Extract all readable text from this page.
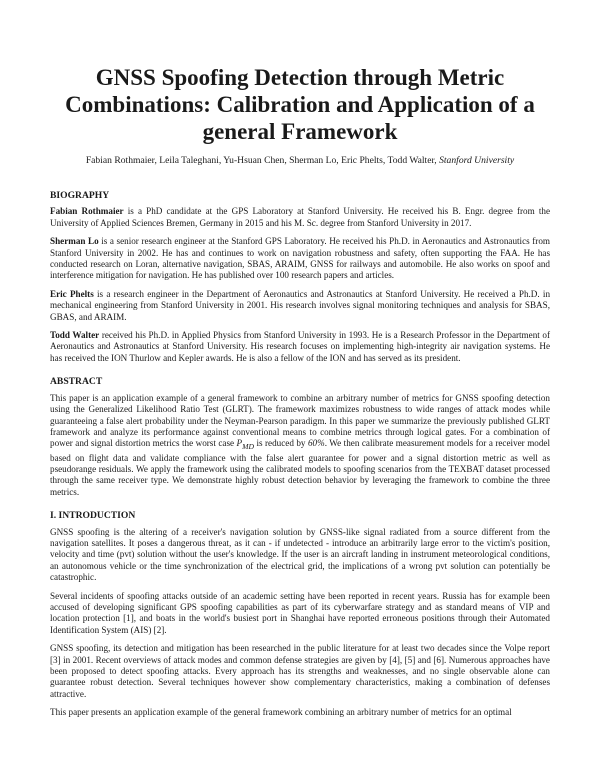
GNSS Spoofing Detection through Metric Combinations: Calibration and Application of a general Framework

Fabian Rothmaier, Leila Taleghani, Yu-Hsuan Chen, Sherman Lo, Eric Phelts, Todd Walter, Stanford University

BIOGRAPHY

Fabian Rothmaier is a PhD candidate at the GPS Laboratory at Stanford University. He received his B. Engr. degree from the University of Applied Sciences Bremen, Germany in 2015 and his M. Sc. degree from Stanford University in 2017.

Sherman Lo is a senior research engineer at the Stanford GPS Laboratory. He received his Ph.D. in Aeronautics and Astronautics from Stanford University in 2002. He has and continues to work on navigation robustness and safety, often supporting the FAA. He has conducted research on Loran, alternative navigation, SBAS, ARAIM, GNSS for railways and automobile. He also works on spoof and interference mitigation for navigation. He has published over 100 research papers and articles.

Eric Phelts is a research engineer in the Department of Aeronautics and Astronautics at Stanford University. He received a Ph.D. in mechanical engineering from Stanford University in 2001. His research involves signal monitoring techniques and analysis for SBAS, GBAS, and ARAIM.

Todd Walter received his Ph.D. in Applied Physics from Stanford University in 1993. He is a Research Professor in the Department of Aeronautics and Astronautics at Stanford University. His research focuses on implementing high-integrity air navigation systems. He has received the ION Thurlow and Kepler awards. He is also a fellow of the ION and has served as its president.

ABSTRACT

This paper is an application example of a general framework to combine an arbitrary number of metrics for GNSS spoofing detection using the Generalized Likelihood Ratio Test (GLRT). The framework maximizes robustness to wide ranges of attack modes while guaranteeing a false alert probability under the Neyman-Pearson paradigm. In this paper we summarize the previously published GLRT framework and analyze its performance against conventional means to combine metrics through logical gates. For a combination of power and signal distortion metrics the worst case $P_{MD}$ is reduced by 60%. We then calibrate measurement models for a receiver model based on flight data and validate compliance with the false alert guarantee for power and a signal distortion metric as well as pseudorange residuals. We apply the framework using the calibrated models to spoofing scenarios from the TEXBAT dataset processed through the same receiver type. We demonstrate highly robust detection behavior by leveraging the framework to combine the three metrics.

I. INTRODUCTION

GNSS spoofing is the altering of a receiver's navigation solution by GNSS-like signal radiated from a source different from the navigation satellites. It poses a dangerous threat, as it can - if undetected - introduce an arbitrarily large error to the victim's position, velocity and time (pvt) solution without the user's knowledge. If the user is an aircraft landing in instrument meteorological conditions, an autonomous vehicle or the time synchronization of the electrical grid, the implications of a wrong pvt solution can potentially be catastrophic.

Several incidents of spoofing attacks outside of an academic setting have been reported in recent years. Russia has for example been accused of developing significant GPS spoofing capabilities as part of its cyberwarfare strategy and as standard means of VIP and location protection [1], and boats in the world's busiest port in Shanghai have reported erroneous positions through their Automated Identification System (AIS) [2].

GNSS spoofing, its detection and mitigation has been researched in the public literature for at least two decades since the Volpe report [3] in 2001. Recent overviews of attack modes and common defense strategies are given by [4], [5] and [6]. Numerous approaches have been proposed to detect spoofing attacks. Every approach has its strengths and weaknesses, and no single observable alone can guarantee robust detection. Several techniques however show complementary characteristics, making a combination of defenses attractive.

This paper presents an application example of the general framework combining an arbitrary number of metrics for an optimal
